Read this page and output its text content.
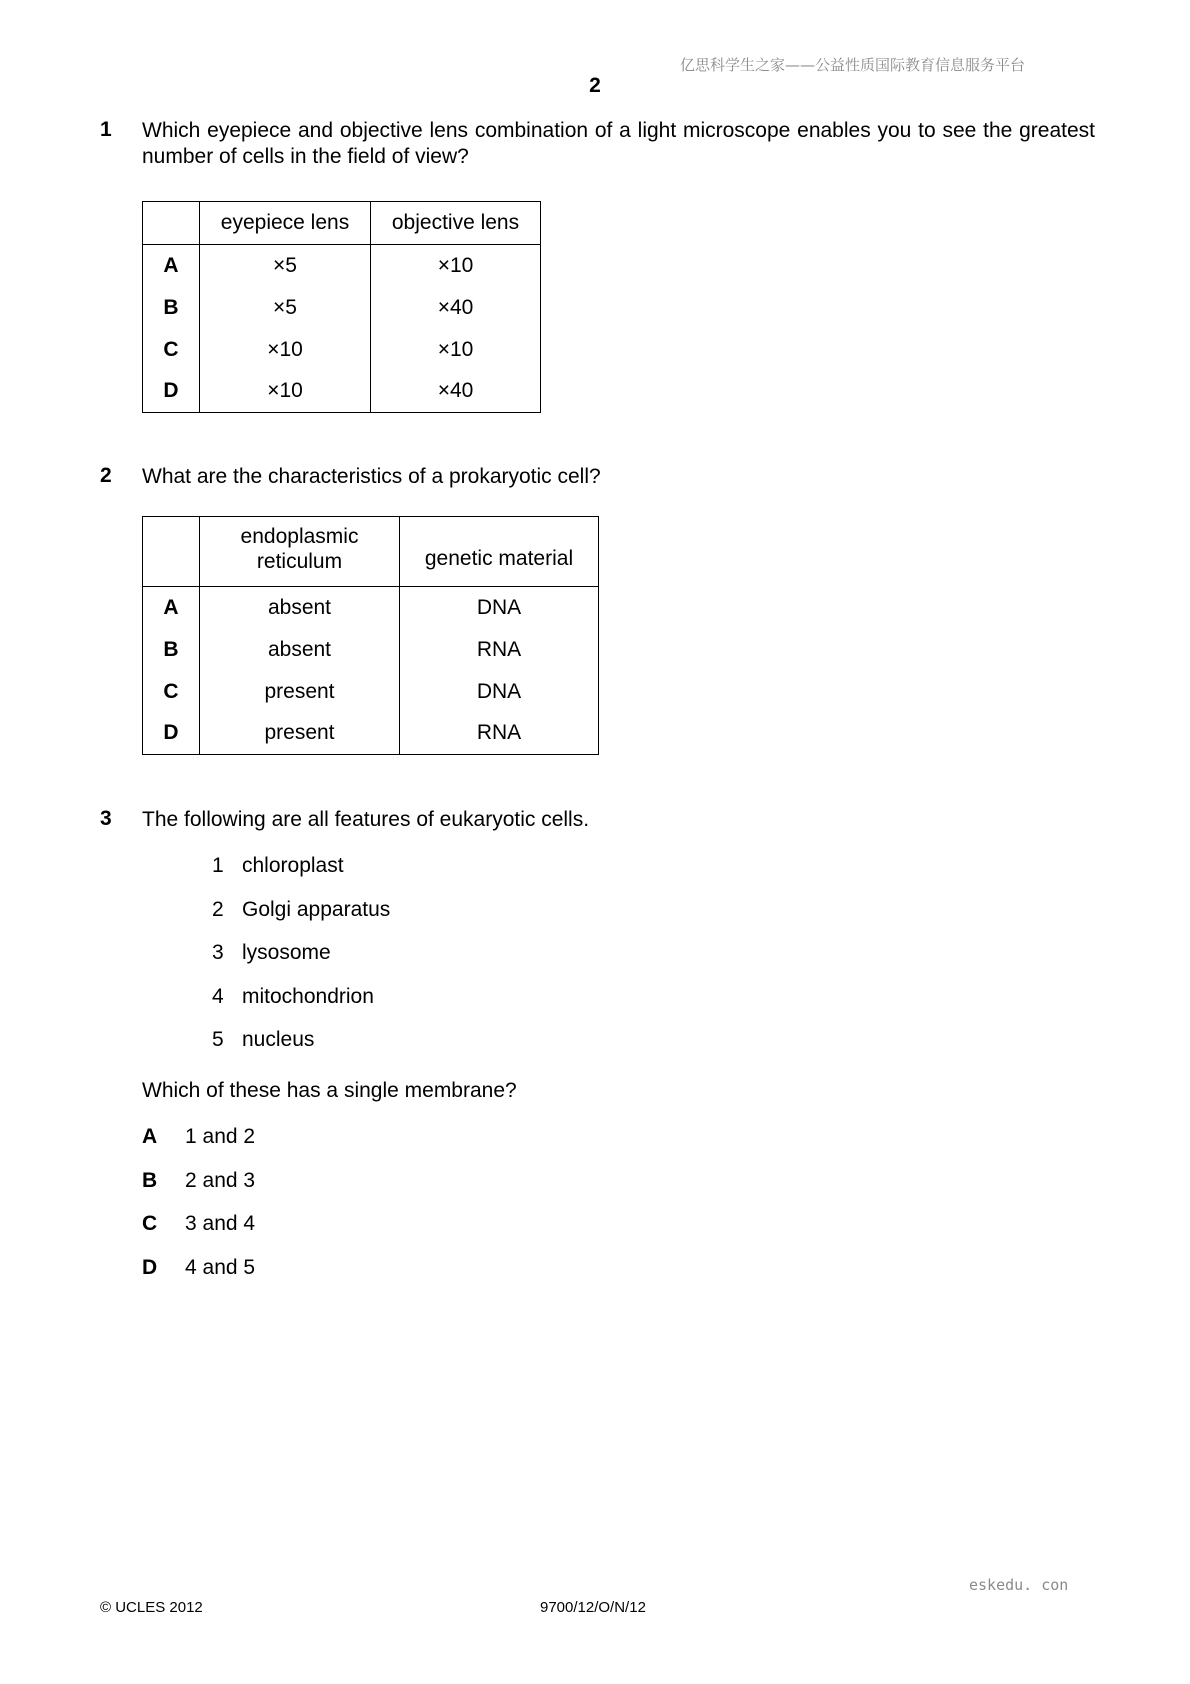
亿思科学生之家——公益性质国际教育信息服务平台
2
1 Which eyepiece and objective lens combination of a light microscope enables you to see the greatest number of cells in the field of view?
	eyepiece lens	objective lens
A	×5	×10
B	×5	×40
C	×10	×10
D	×10	×40
2 What are the characteristics of a prokaryotic cell?
	endoplasmic reticulum	genetic material
A	absent	DNA
B	absent	RNA
C	present	DNA
D	present	RNA
3 The following are all features of eukaryotic cells.
1 chloroplast
2 Golgi apparatus
3 lysosome
4 mitochondrion
5 nucleus
Which of these has a single membrane?
A	1 and 2
B	2 and 3
C	3 and 4
D	4 and 5
eskedu. con
© UCLES 2012	9700/12/O/N/12
